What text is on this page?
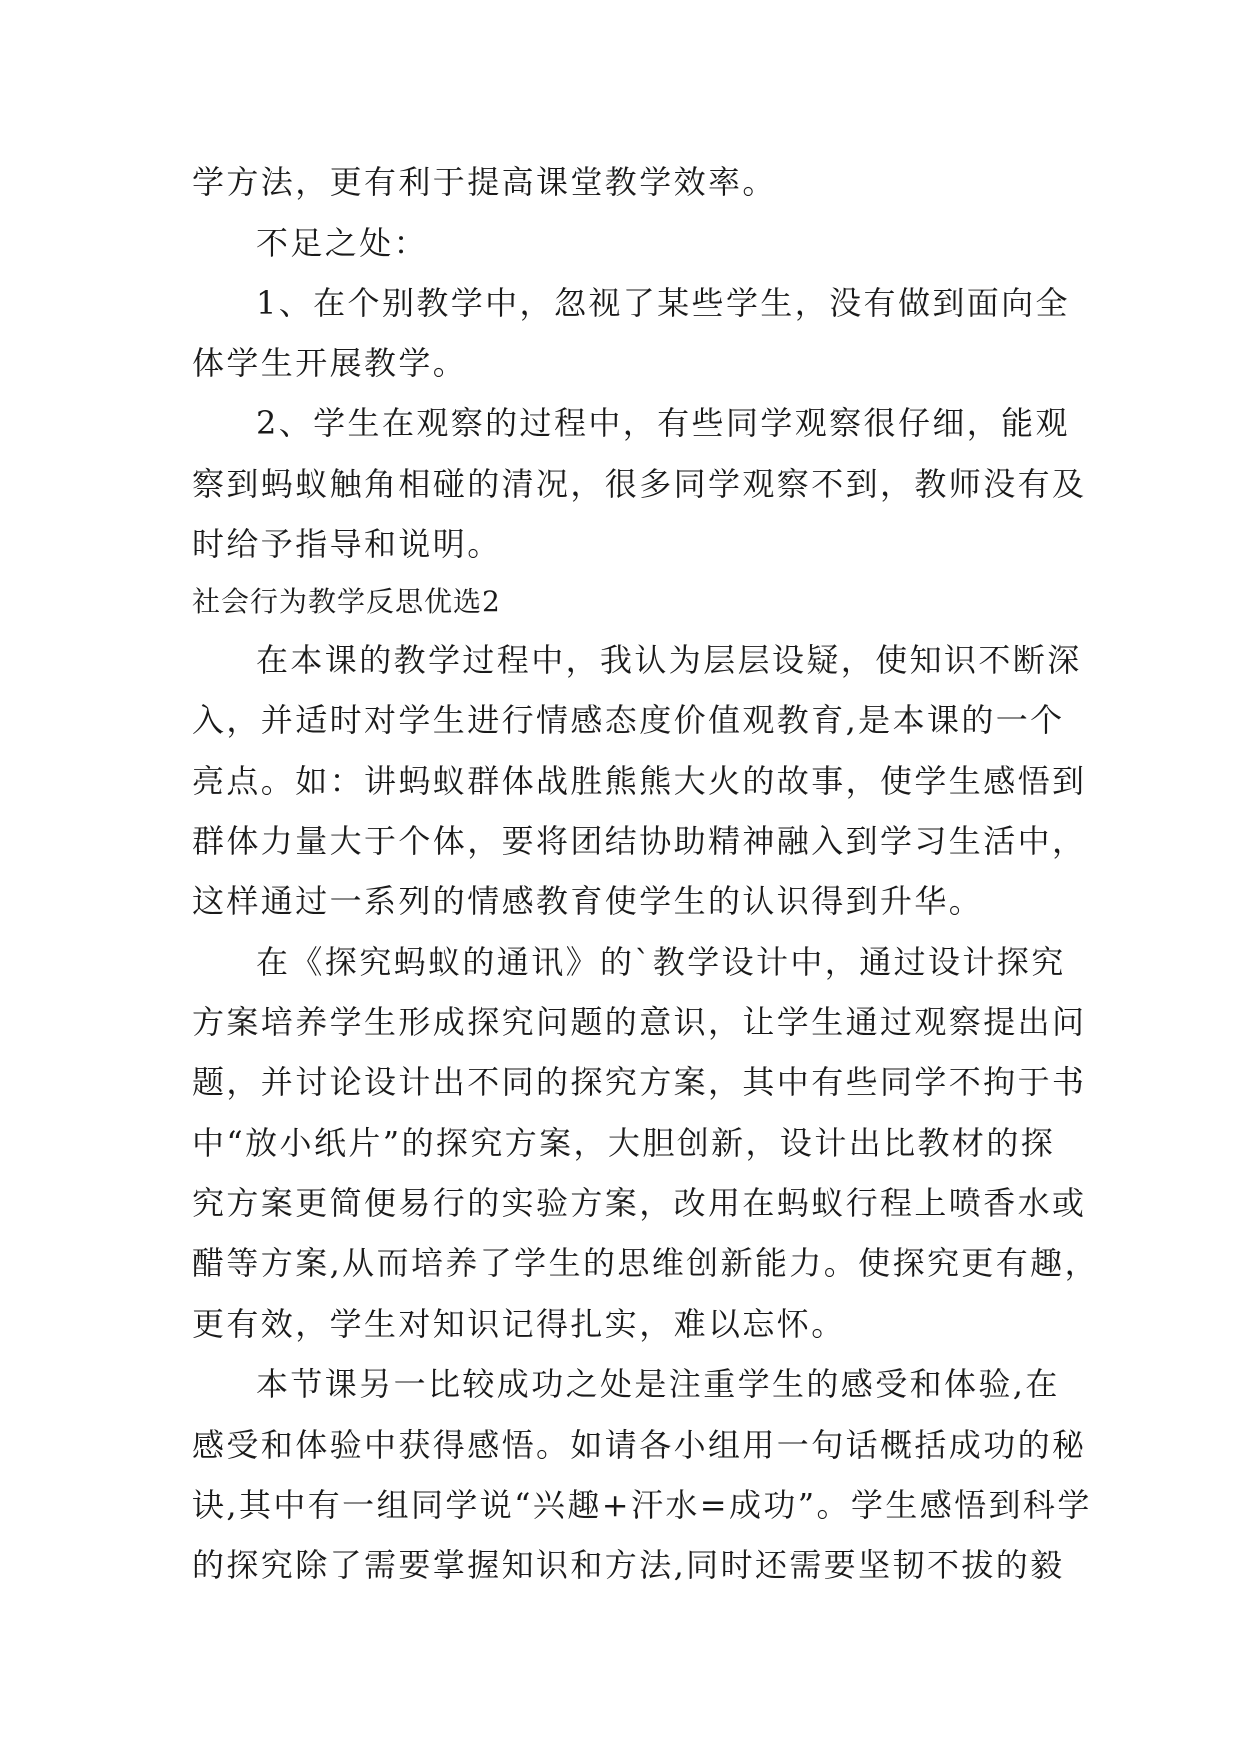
学方法，更有利于提高课堂教学效率。
不足之处：
1、在个别教学中，忽视了某些学生，没有做到面向全
体学生开展教学。
2、学生在观察的过程中，有些同学观察很仔细，能观
察到蚂蚁触角相碰的清况，很多同学观察不到，教师没有及
时给予指导和说明。
社会行为教学反思优选2
在本课的教学过程中，我认为层层设疑，使知识不断深
入，并适时对学生进行情感态度价值观教育,是本课的一个
亮点。如：讲蚂蚁群体战胜熊熊大火的故事，使学生感悟到
群体力量大于个体，要将团结协助精神融入到学习生活中，
这样通过一系列的情感教育使学生的认识得到升华。
在《探究蚂蚁的通讯》的`教学设计中，通过设计探究
方案培养学生形成探究问题的意识，让学生通过观察提出问
题，并讨论设计出不同的探究方案，其中有些同学不拘于书
中“放小纸片”的探究方案，大胆创新，设计出比教材的探
究方案更简便易行的实验方案，改用在蚂蚁行程上喷香水或
醋等方案,从而培养了学生的思维创新能力。使探究更有趣，
更有效，学生对知识记得扎实，难以忘怀。
本节课另一比较成功之处是注重学生的感受和体验,在
感受和体验中获得感悟。如请各小组用一句话概括成功的秘
诀,其中有一组同学说“兴趣+汗水=成功”。学生感悟到科学
的探究除了需要掌握知识和方法,同时还需要坚韧不拔的毅
